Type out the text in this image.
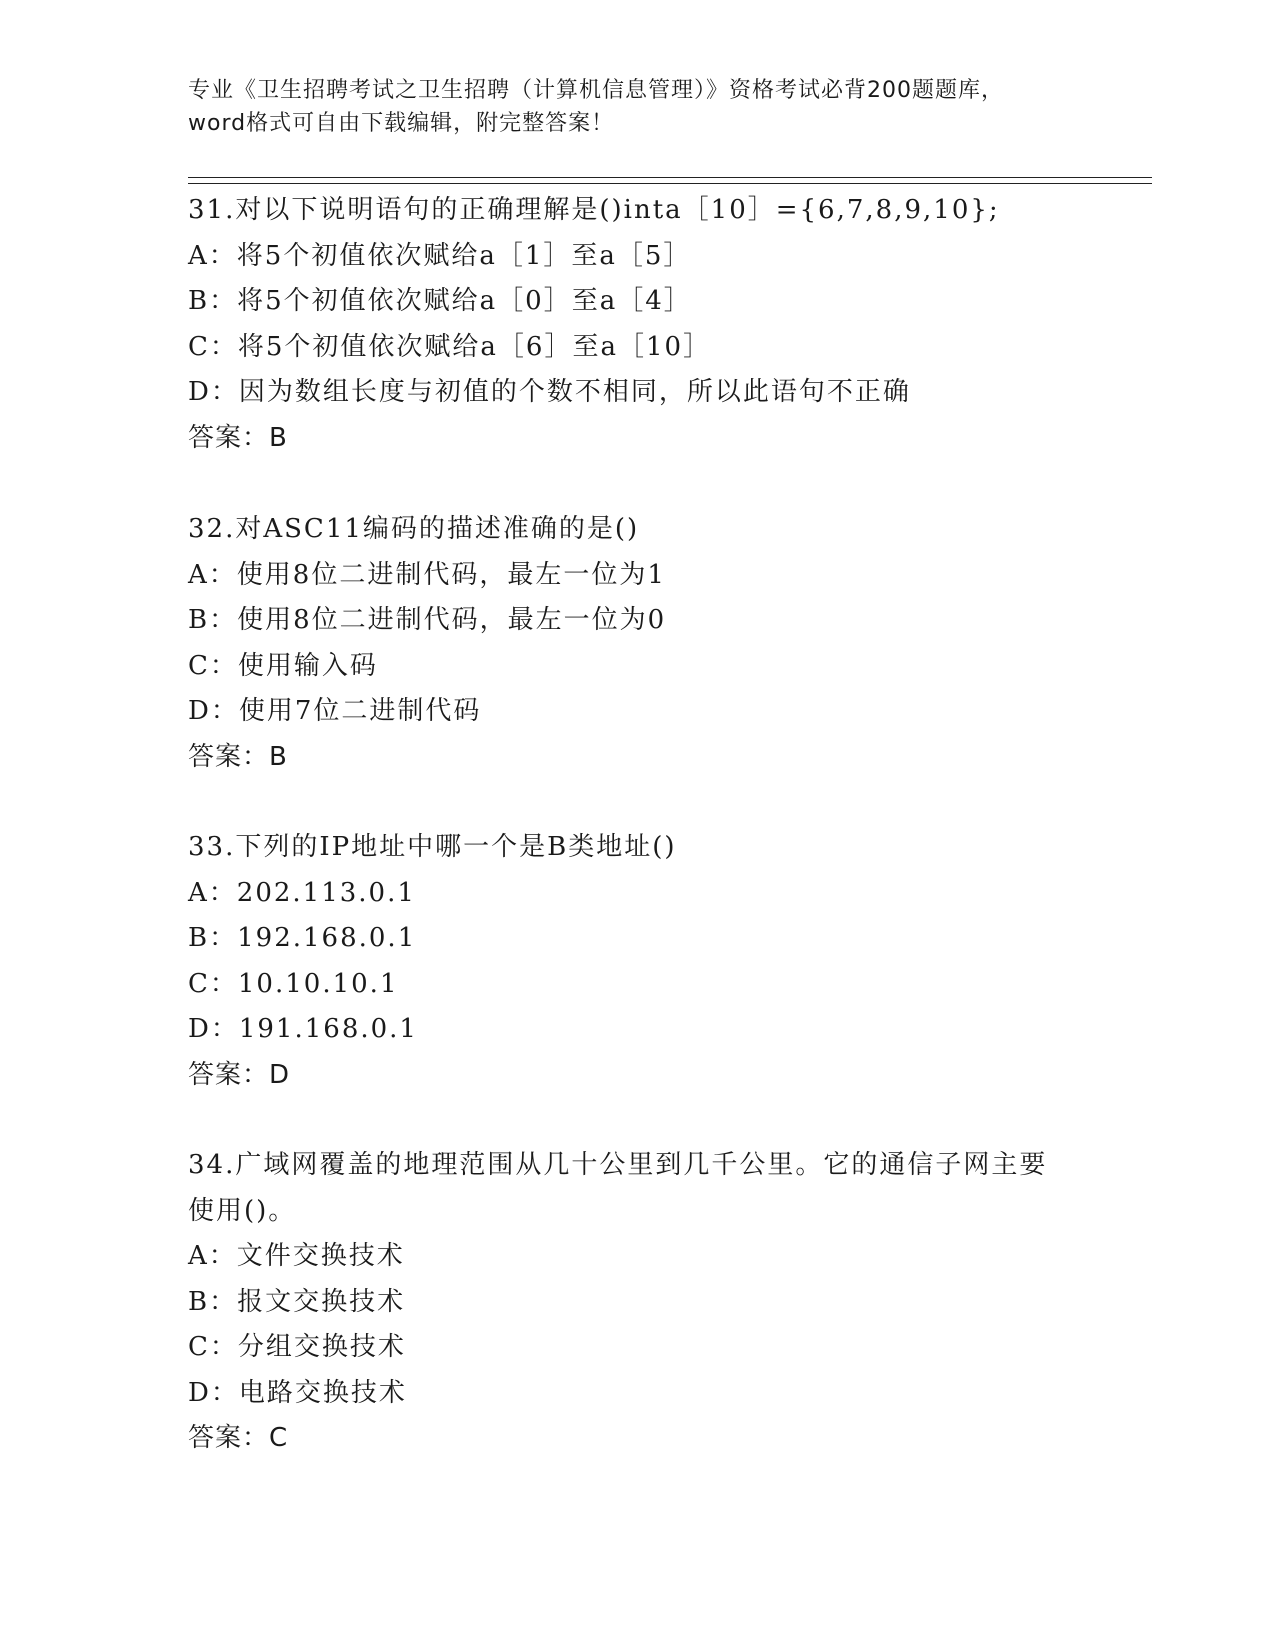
专业《卫生招聘考试之卫生招聘（计算机信息管理）》资格考试必背200题题库，
word格式可自由下载编辑，附完整答案！
31.对以下说明语句的正确理解是()inta［10］={6,7,8,9,10};
A：将5个初值依次赋给a［1］至a［5］
B：将5个初值依次赋给a［0］至a［4］
C：将5个初值依次赋给a［6］至a［10］
D：因为数组长度与初值的个数不相同，所以此语句不正确
答案：B
32.对ASC11编码的描述准确的是()
A：使用8位二进制代码，最左一位为1
B：使用8位二进制代码，最左一位为0
C：使用输入码
D：使用7位二进制代码
答案：B
33.下列的IP地址中哪一个是B类地址()
A：202.113.0.1
B：192.168.0.1
C：10.10.10.1
D：191.168.0.1
答案：D
34.广域网覆盖的地理范围从几十公里到几千公里。它的通信子网主要
使用()。
A：文件交换技术
B：报文交换技术
C：分组交换技术
D：电路交换技术
答案：C
